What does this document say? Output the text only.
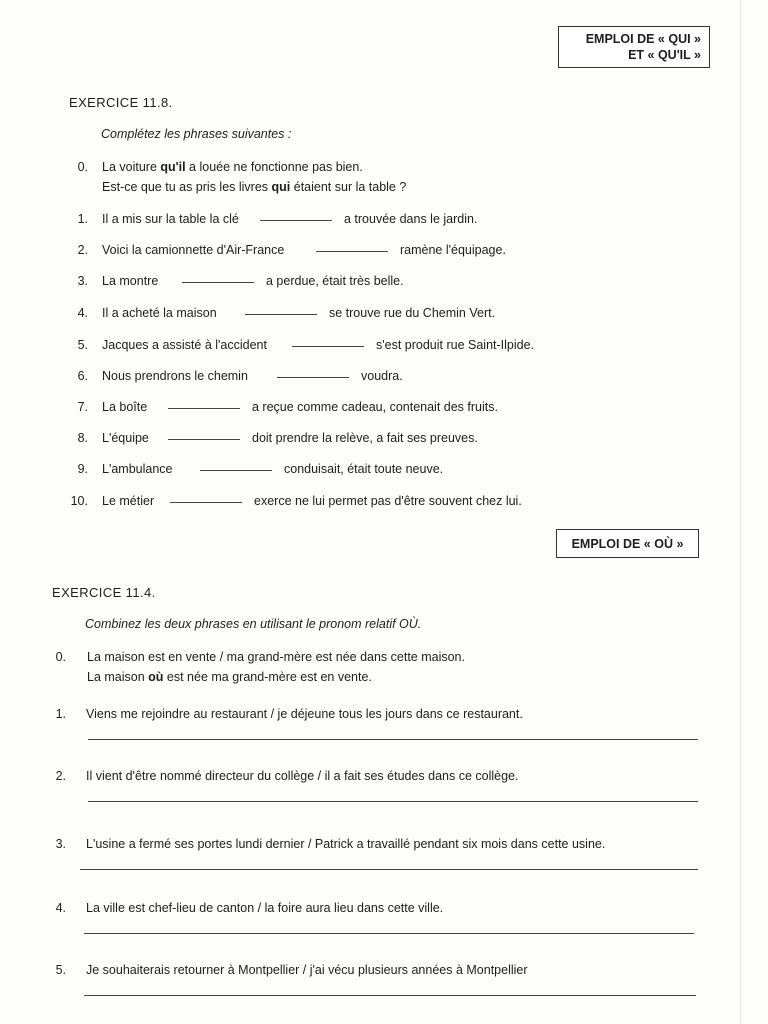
EMPLOI DE « QUI »
ET « QU'IL »
EXERCICE 11.8.
Complétez les phrases suivantes :
0. La voiture qu'il a louée ne fonctionne pas bien.
Est-ce que tu as pris les livres qui étaient sur la table ?
1. Il a mis sur la table la clé	a trouvée dans le jardin.
2. Voici la camionnette d'Air-France	ramène l'équipage.
3. La montre	a perdue, était très belle.
4. Il a acheté la maison	se trouve rue du Chemin Vert.
5. Jacques a assisté à l'accident	s'est produit rue Saint-Ilpide.
6. Nous prendrons le chemin	voudra.
7. La boîte	a reçue comme cadeau, contenait des fruits.
8. L'équipe	doit prendre la relève, a fait ses preuves.
9. L'ambulance	conduisait, était toute neuve.
10. Le métier	exerce ne lui permet pas d'être souvent chez lui.
EMPLOI DE « OÙ »
EXERCICE 11.4.
Combinez les deux phrases en utilisant le pronom relatif OÙ.
0. La maison est en vente / ma grand-mère est née dans cette maison.
La maison où est née ma grand-mère est en vente.
1. Viens me rejoindre au restaurant / je déjeune tous les jours dans ce restaurant.
2. Il vient d'être nommé directeur du collège / il a fait ses études dans ce collège.
3. L'usine a fermé ses portes lundi dernier / Patrick a travaillé pendant six mois dans cette usine.
4. La ville est chef-lieu de canton / la foire aura lieu dans cette ville.
5. Je souhaiterais retourner à Montpellier / j'ai vécu plusieurs années à Montpellier
